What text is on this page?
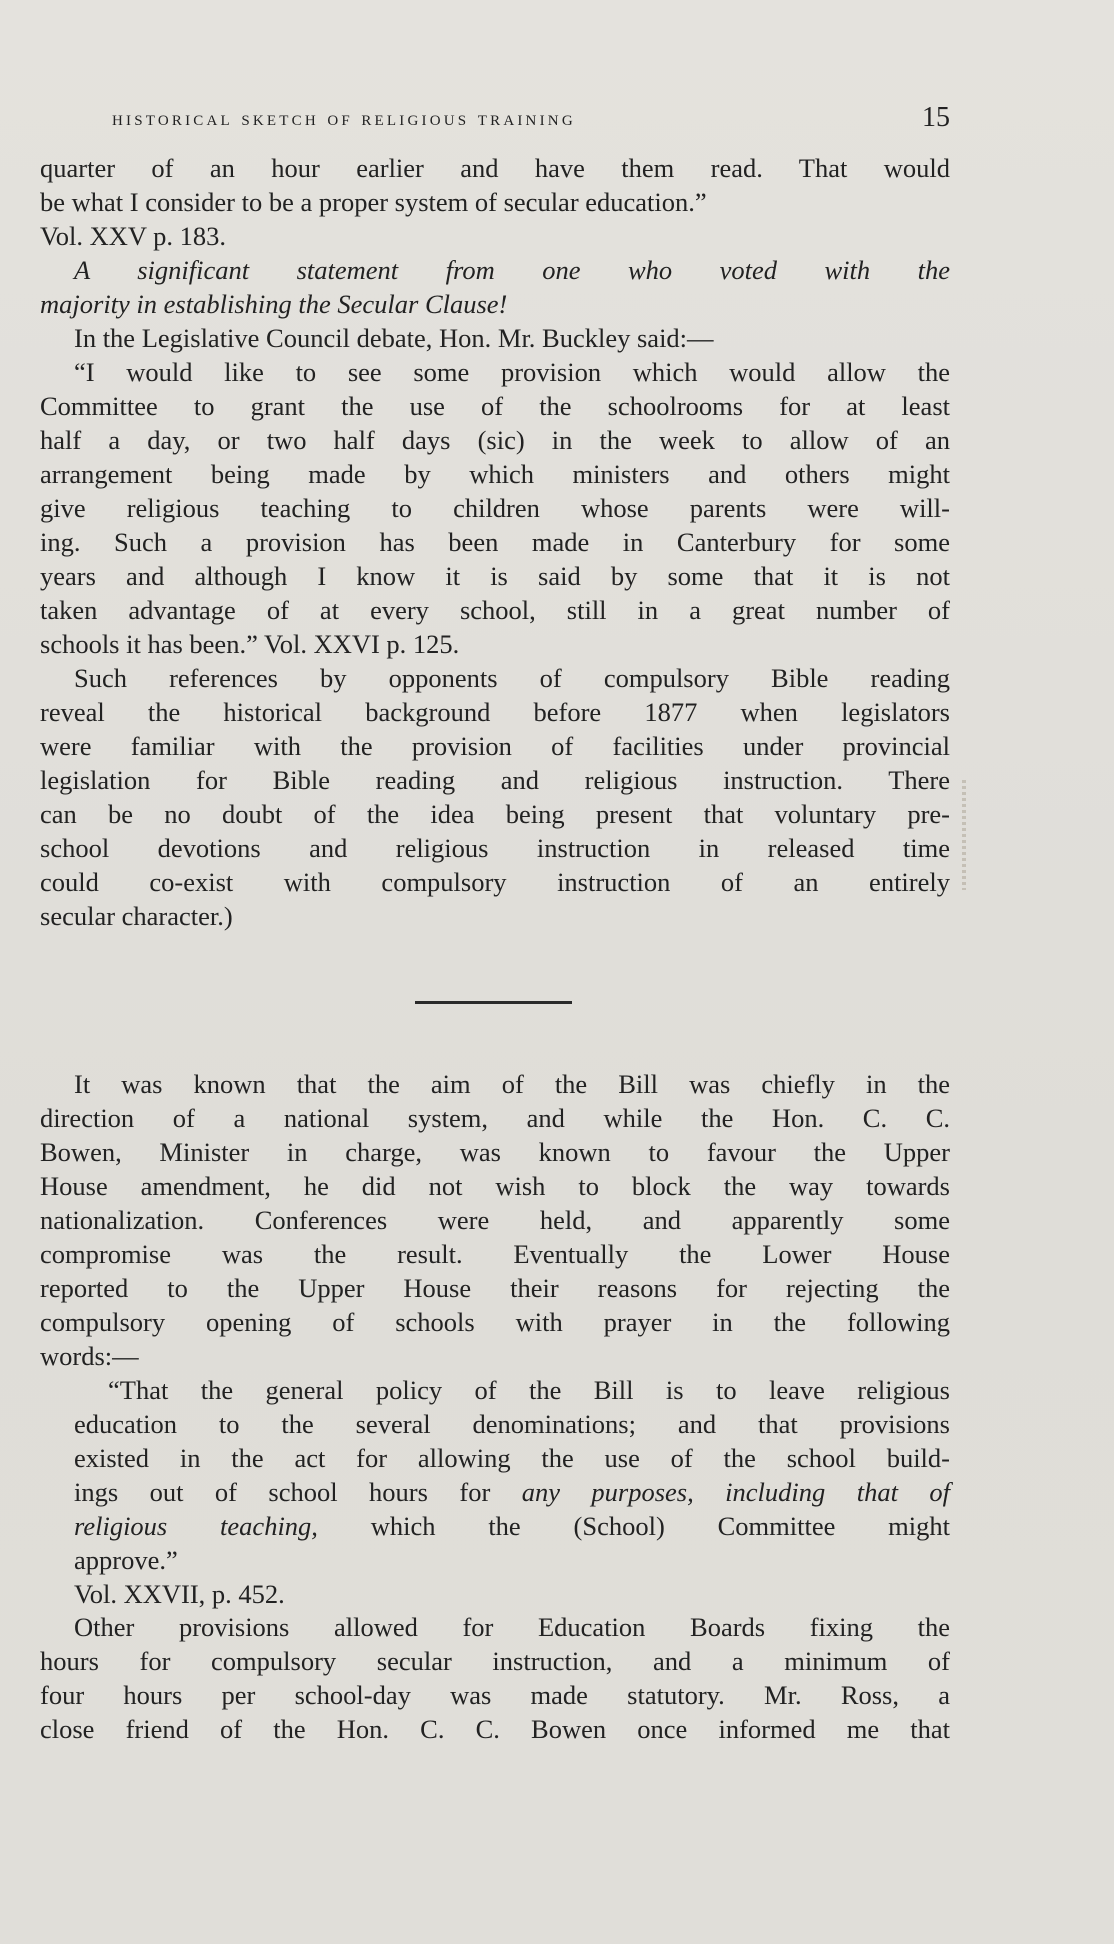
historical sketch of religious training	15
quarter of an hour earlier and have them read. That would
be what I consider to be a proper system of secular education.”
Vol. XXV p. 183.
A significant statement from one who voted with the
majority in establishing the Secular Clause!
In the Legislative Council debate, Hon. Mr. Buckley said:—
“I would like to see some provision which would allow the
Committee to grant the use of the schoolrooms for at least
half a day, or two half days (sic) in the week to allow of an
arrangement being made by which ministers and others might
give religious teaching to children whose parents were will-
ing. Such a provision has been made in Canterbury for some
years and although I know it is said by some that it is not
taken advantage of at every school, still in a great number of
schools it has been.” Vol. XXVI p. 125.
Such references by opponents of compulsory Bible reading
reveal the historical background before 1877 when legislators
were familiar with the provision of facilities under provincial
legislation for Bible reading and religious instruction. There
can be no doubt of the idea being present that voluntary pre-
school devotions and religious instruction in released time
could co-exist with compulsory instruction of an entirely
secular character.)
It was known that the aim of the Bill was chiefly in the
direction of a national system, and while the Hon. C. C.
Bowen, Minister in charge, was known to favour the Upper
House amendment, he did not wish to block the way towards
nationalization. Conferences were held, and apparently some
compromise was the result. Eventually the Lower House
reported to the Upper House their reasons for rejecting the
compulsory opening of schools with prayer in the following
words:—
“That the general policy of the Bill is to leave religious
education to the several denominations; and that provisions
existed in the act for allowing the use of the school build-
ings out of school hours for any purposes, including that of
religious teaching, which the (School) Committee might
approve.”
Vol. XXVII, p. 452.
Other provisions allowed for Education Boards fixing the
hours for compulsory secular instruction, and a minimum of
four hours per school-day was made statutory. Mr. Ross, a
close friend of the Hon. C. C. Bowen once informed me that
